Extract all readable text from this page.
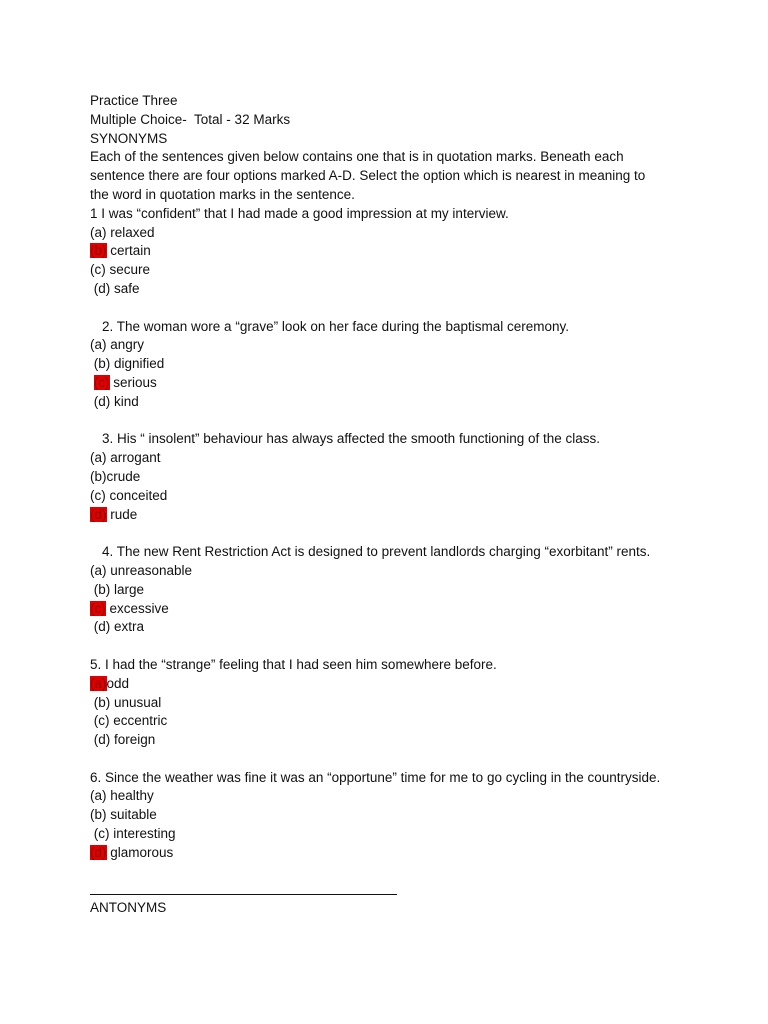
Practice Three
Multiple Choice-  Total - 32 Marks
SYNONYMS
Each of the sentences given below contains one that is in quotation marks. Beneath each sentence there are four options marked A-D. Select the option which is nearest in meaning to the word in quotation marks in the sentence.
1 I was “confident” that I had made a good impression at my interview.
(a) relaxed
(b) certain
(c) secure
(d) safe
2. The woman wore a “grave” look on her face during the baptismal ceremony.
(a) angry
(b) dignified
(c) serious
(d) kind
3. His “ insolent” behaviour has always affected the smooth functioning of the class.
(a) arrogant
(b)crude
(c) conceited
(d) rude
4. The new Rent Restriction Act is designed to prevent landlords charging “exorbitant” rents.
(a) unreasonable
(b) large
(c) excessive
(d) extra
5. I had the “strange” feeling that I had seen him somewhere before.
(a)odd
(b) unusual
(c) eccentric
(d) foreign
6. Since the weather was fine it was an “opportune” time for me to go cycling in the countryside.
(a) healthy
(b) suitable
(c) interesting
(d) glamorous
ANTONYMS
